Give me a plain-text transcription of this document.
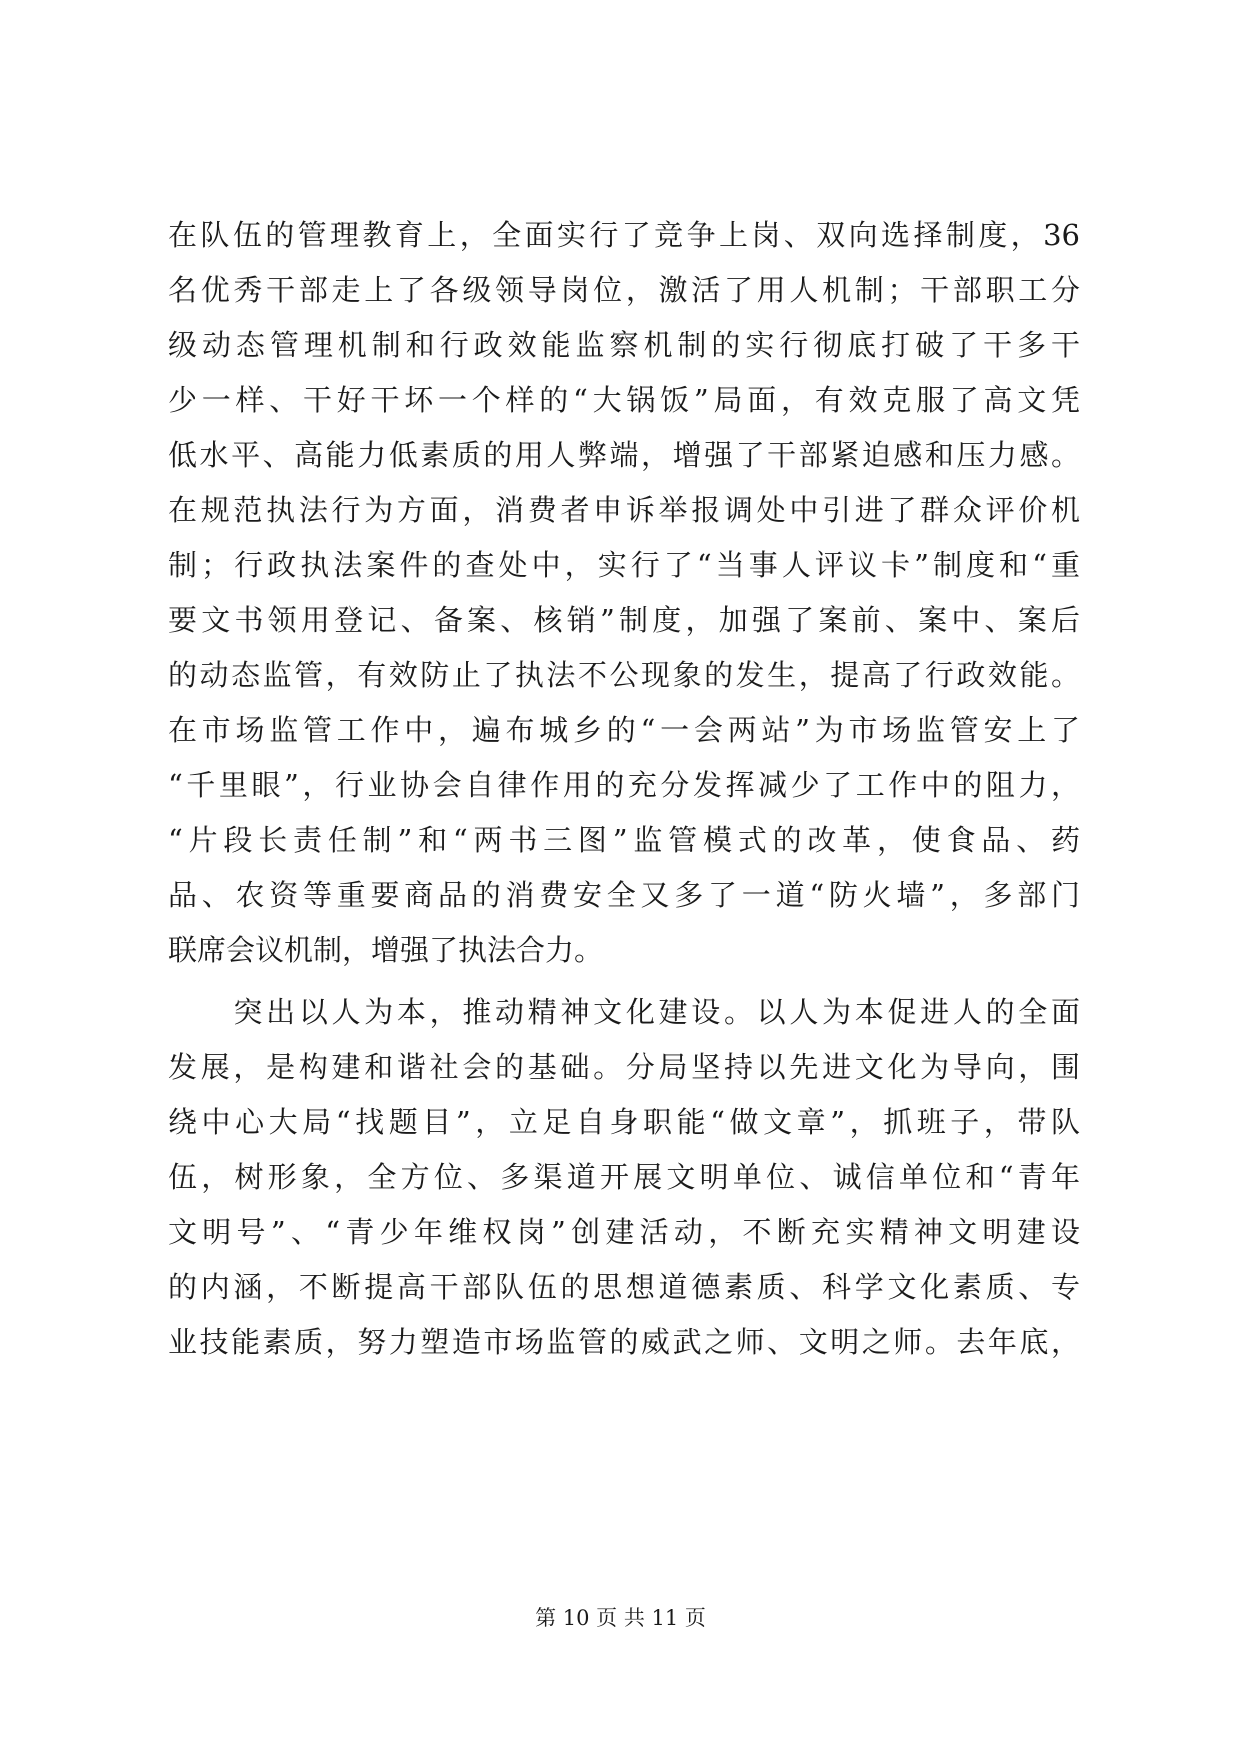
在队伍的管理教育上，全面实行了竞争上岗、双向选择制度，36
名优秀干部走上了各级领导岗位，激活了用人机制；干部职工分
级动态管理机制和行政效能监察机制的实行彻底打破了干多干
少一样、干好干坏一个样的“大锅饭”局面，有效克服了高文凭
低水平、高能力低素质的用人弊端，增强了干部紧迫感和压力感。
在规范执法行为方面，消费者申诉举报调处中引进了群众评价机
制；行政执法案件的查处中，实行了“当事人评议卡”制度和“重
要文书领用登记、备案、核销”制度，加强了案前、案中、案后
的动态监管，有效防止了执法不公现象的发生，提高了行政效能。
在市场监管工作中，遍布城乡的“一会两站”为市场监管安上了
“千里眼”，行业协会自律作用的充分发挥减少了工作中的阻力，
“片段长责任制”和“两书三图”监管模式的改革，使食品、药
品、农资等重要商品的消费安全又多了一道“防火墙”，多部门
联席会议机制，增强了执法合力。
　　突出以人为本，推动精神文化建设。以人为本促进人的全面
发展，是构建和谐社会的基础。分局坚持以先进文化为导向，围
绕中心大局“找题目”，立足自身职能“做文章”，抓班子，带队
伍，树形象，全方位、多渠道开展文明单位、诚信单位和“青年
文明号”、“青少年维权岗”创建活动，不断充实精神文明建设
的内涵，不断提高干部队伍的思想道德素质、科学文化素质、专
业技能素质，努力塑造市场监管的威武之师、文明之师。去年底，
第 10 页 共 11 页
